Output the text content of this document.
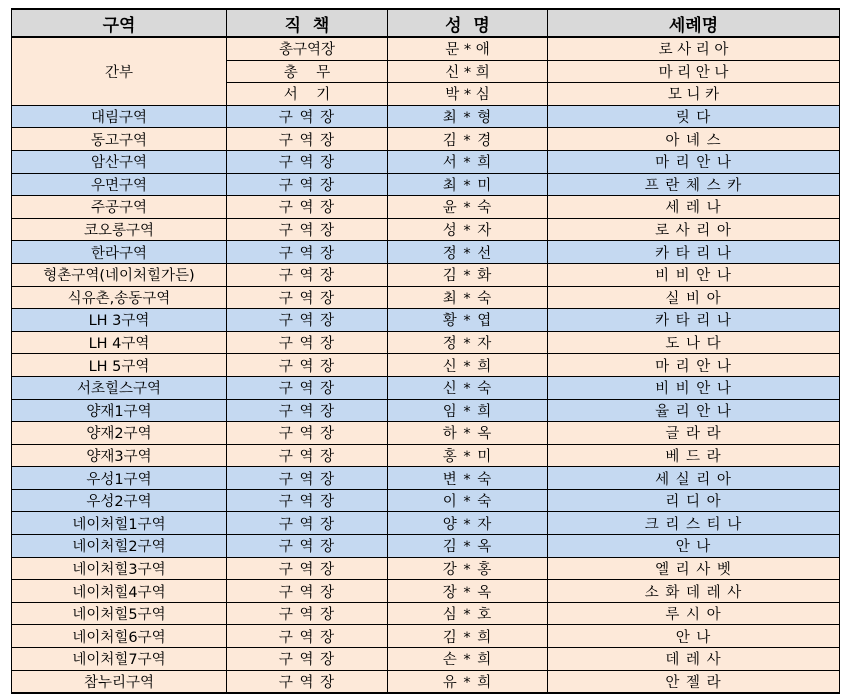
구역	직  책	성  명	세례명
간부	총구역장	문 * 애	로 사 리 아
	총    무	신 * 희	마 리 안 나
	서    기	박 * 심	모 니 카
대림구역	구 역 장	최 * 형	릿 다
동고구역	구 역 장	김 * 경	아 녜 스
암산구역	구 역 장	서 * 희	마 리 안 나
우면구역	구 역 장	최 * 미	프 란 체 스 카
주공구역	구 역 장	윤 * 숙	세 레 나
코오롱구역	구 역 장	성 * 자	로 사 리 아
한라구역	구 역 장	정 * 선	카 타 리 나
형촌구역(네이처힐가든)	구 역 장	김 * 화	비 비 안 나
식유촌,송동구역	구 역 장	최 * 숙	실 비 아
LH 3구역	구 역 장	황 * 엽	카 타 리 나
LH 4구역	구 역 장	정 * 자	도 나 다
LH 5구역	구 역 장	신 * 희	마 리 안 나
서초힐스구역	구 역 장	신 * 숙	비 비 안 나
양재1구역	구 역 장	임 * 희	율 리 안 나
양재2구역	구 역 장	하 * 옥	글 라 라
양재3구역	구 역 장	홍 * 미	베 드 라
우성1구역	구 역 장	변 * 숙	세 실 리 아
우성2구역	구 역 장	이 * 숙	리 디 아
네이처힐1구역	구 역 장	양 * 자	크 리 스 티 나
네이처힐2구역	구 역 장	김 * 옥	안 나
네이처힐3구역	구 역 장	강 * 홍	엘 리 사 벳
네이처힐4구역	구 역 장	장 * 옥	소 화 데 레 사
네이처힐5구역	구 역 장	심 * 호	루 시 아
네이처힐6구역	구 역 장	김 * 희	안 나
네이처힐7구역	구 역 장	손 * 희	데 레 사
참누리구역	구 역 장	유 * 희	안 젤 라
